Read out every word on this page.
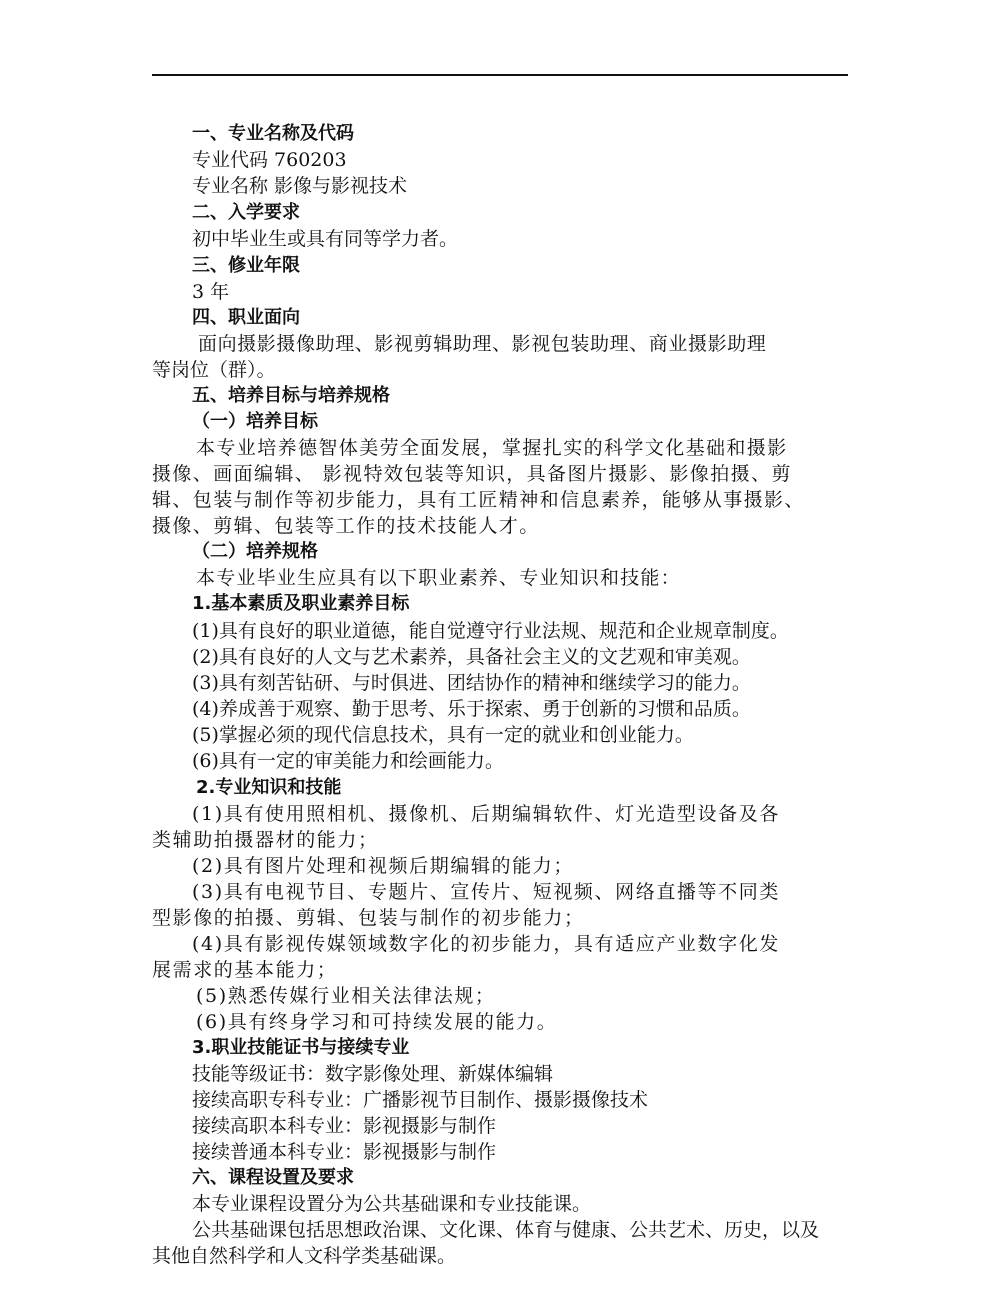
一、专业名称及代码
专业代码 760203
专业名称 影像与影视技术
二、入学要求
初中毕业生或具有同等学力者。
三、修业年限
3 年
四、职业面向
面向摄影摄像助理、影视剪辑助理、影视包装助理、商业摄影助理
等岗位（群）。
五、培养目标与培养规格
（一）培养目标
本专业培养德智体美劳全面发展，掌握扎实的科学文化基础和摄影
摄像、画面编辑、 影视特效包装等知识，具备图片摄影、影像拍摄、剪
辑、包装与制作等初步能力，具有工匠精神和信息素养，能够从事摄影、
摄像、剪辑、包装等工作的技术技能人才。
（二）培养规格
本专业毕业生应具有以下职业素养、专业知识和技能：
1.基本素质及职业素养目标
(1)具有良好的职业道德，能自觉遵守行业法规、规范和企业规章制度。
(2)具有良好的人文与艺术素养，具备社会主义的文艺观和审美观。
(3)具有刻苦钻研、与时俱进、团结协作的精神和继续学习的能力。
(4)养成善于观察、勤于思考、乐于探索、勇于创新的习惯和品质。
(5)掌握必须的现代信息技术，具有一定的就业和创业能力。
(6)具有一定的审美能力和绘画能力。
2.专业知识和技能
(1)具有使用照相机、摄像机、后期编辑软件、灯光造型设备及各
类辅助拍摄器材的能力；
(2)具有图片处理和视频后期编辑的能力；
(3)具有电视节目、专题片、宣传片、短视频、网络直播等不同类
型影像的拍摄、剪辑、包装与制作的初步能力；
(4)具有影视传媒领域数字化的初步能力，具有适应产业数字化发
展需求的基本能力；
(5)熟悉传媒行业相关法律法规；
(6)具有终身学习和可持续发展的能力。
3.职业技能证书与接续专业
技能等级证书：数字影像处理、新媒体编辑
接续高职专科专业：广播影视节目制作、摄影摄像技术
接续高职本科专业：影视摄影与制作
接续普通本科专业：影视摄影与制作
六、课程设置及要求
本专业课程设置分为公共基础课和专业技能课。
公共基础课包括思想政治课、文化课、体育与健康、公共艺术、历史，以及
其他自然科学和人文科学类基础课。
